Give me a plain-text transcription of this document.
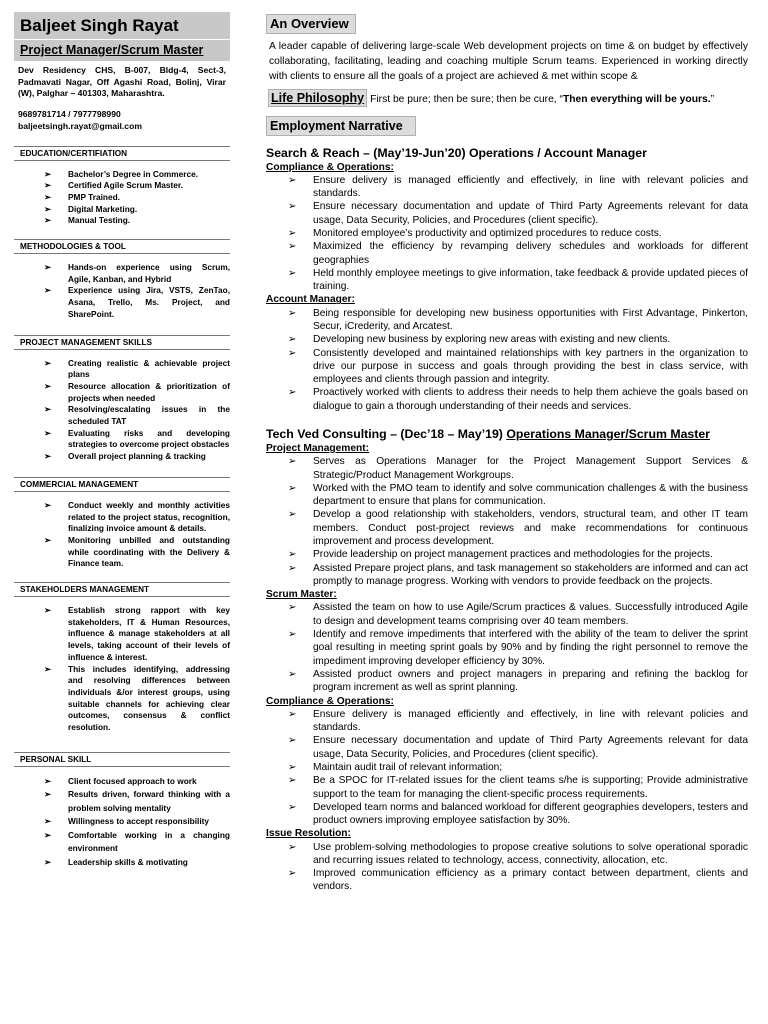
Baljeet Singh Rayat
Project Manager/Scrum Master
Dev Residency CHS, B-007, Bldg-4, Sect-3, Padmavati Nagar, Off Agashi Road, Bolinj, Virar (W), Palghar – 401303, Maharashtra.
9689781714 / 7977798990
baljeetsingh.rayat@gmail.com
EDUCATION/CERTIFIATION
➢ Bachelor’s Degree in Commerce.
➢ Certified Agile Scrum Master.
➢ PMP Trained.
➢ Digital Marketing.
➢ Manual Testing.
METHODOLOGIES & TOOL
➢ Hands-on experience using Scrum, Agile, Kanban, and Hybrid
➢ Experience using Jira, VSTS, ZenTao, Asana, Trello, Ms. Project, and SharePoint.
PROJECT MANAGEMENT SKILLS
➢ Creating realistic & achievable project plans
➢ Resource allocation & prioritization of projects when needed
➢ Resolving/escalating issues in the scheduled TAT
➢ Evaluating risks and developing strategies to overcome project obstacles
➢ Overall project planning & tracking
COMMERCIAL MANAGEMENT
➢ Conduct weekly and monthly activities related to the project status, recognition, finalizing invoice amount & details.
➢ Monitoring unbilled and outstanding while coordinating with the Delivery & Finance team.
STAKEHOLDERS MANAGEMENT
➢ Establish strong rapport with key stakeholders, IT & Human Resources, influence & manage stakeholders at all levels, taking account of their levels of influence & interest.
➢ This includes identifying, addressing and resolving differences between individuals &/or interest groups, using suitable channels for achieving clear outcomes, consensus & conflict resolution.
PERSONAL SKILL
➢ Client focused approach to work
➢ Results driven, forward thinking with a problem solving mentality
➢ Willingness to accept responsibility
➢ Comfortable working in a changing environment
➢ Leadership skills & motivating
An Overview
A leader capable of delivering large-scale Web development projects on time & on budget by effectively collaborating, facilitating, leading and coaching multiple Scrum teams. Experienced in working directly with clients to ensure all the goals of a project are achieved & met within scope &
Life Philosophy First be pure; then be sure; then be cure, “Then everything will be yours.”
Employment Narrative
Search & Reach – (May’19-Jun’20) Operations / Account Manager
Compliance & Operations:
➢ Ensure delivery is managed efficiently and effectively, in line with relevant policies and standards.
➢ Ensure necessary documentation and update of Third Party Agreements relevant for data usage, Data Security, Policies, and Procedures (client specific).
➢ Monitored employee’s productivity and optimized procedures to reduce costs.
➢ Maximized the efficiency by revamping delivery schedules and workloads for different geographies
➢ Held monthly employee meetings to give information, take feedback & provide updated pieces of training.
Account Manager:
➢ Being responsible for developing new business opportunities with First Advantage, Pinkerton, Secur, iCrederity, and Arcatest.
➢ Developing new business by exploring new areas with existing and new clients.
➢ Consistently developed and maintained relationships with key partners in the organization to drive our purpose in success and goals through providing the best in class service, with employees and clients through passion and integrity.
➢ Proactively worked with clients to address their needs to help them achieve the goals based on dialogue to gain a thorough understanding of their needs and services.
Tech Ved Consulting – (Dec’18 – May’19) Operations Manager/Scrum Master
Project Management:
➢ Serves as Operations Manager for the Project Management Support Services & Strategic/Product Management Workgroups.
➢ Worked with the PMO team to identify and solve communication challenges & with the business department to ensure that plans for communication.
➢ Develop a good relationship with stakeholders, vendors, structural team, and other IT team members. Conduct post-project reviews and make recommendations for continuous improvement and process development.
➢ Provide leadership on project management practices and methodologies for the projects.
➢ Assisted Prepare project plans, and task management so stakeholders are informed and can act promptly to manage progress. Working with vendors to provide feedback on the projects.
Scrum Master:
➢ Assisted the team on how to use Agile/Scrum practices & values. Successfully introduced Agile to design and development teams comprising over 40 team members.
➢ Identify and remove impediments that interfered with the ability of the team to deliver the sprint goal resulting in meeting sprint goals by 90% and by finding the right personnel to remove the impediment improving developer efficiency by 30%.
➢ Assisted product owners and project managers in preparing and refining the backlog for program increment as well as sprint planning.
Compliance & Operations:
➢ Ensure delivery is managed efficiently and effectively, in line with relevant policies and standards.
➢ Ensure necessary documentation and update of Third Party Agreements relevant for data usage, Data Security, Policies, and Procedures (client specific).
➢ Maintain audit trail of relevant information;
➢ Be a SPOC for IT-related issues for the client teams s/he is supporting; Provide administrative support to the team for managing the client-specific process requirements.
➢ Developed team norms and balanced workload for different geographies developers, testers and product owners improving employee satisfaction by 30%.
Issue Resolution:
➢ Use problem-solving methodologies to propose creative solutions to solve operational sporadic and recurring issues related to technology, access, connectivity, allocation, etc.
➢ Improved communication efficiency as a primary contact between department, clients and vendors.
